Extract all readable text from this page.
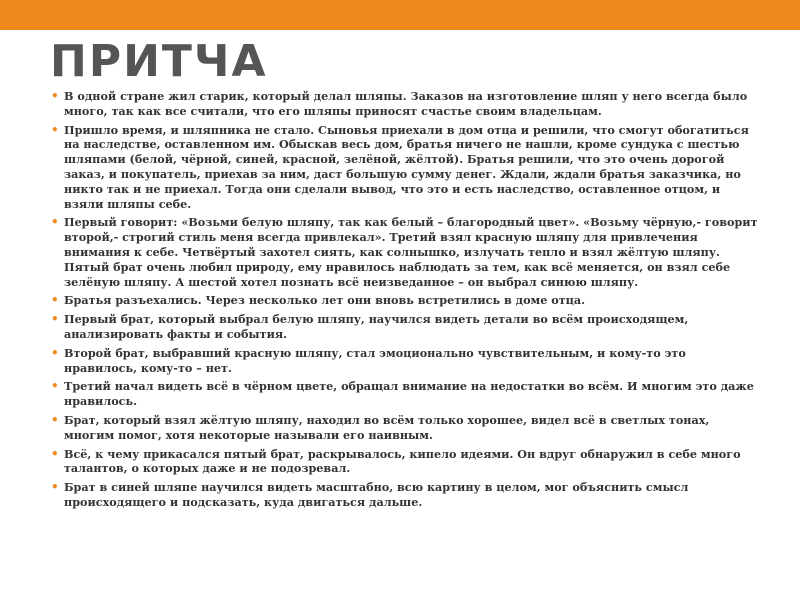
ПРИТЧА
• В одной стране жил старик, который делал шляпы. Заказов на изготовление шляп у него всегда было много, так как все считали, что его шляпы приносят счастье своим владельцам.
• Пришло время, и шляпника не стало. Сыновья приехали в дом отца и решили, что смогут обогатиться на наследстве, оставленном им. Обыскав весь дом, братья ничего не нашли, кроме сундука с шестью шляпами (белой, чёрной, синей, красной, зелёной, жёлтой). Братья решили, что это очень дорогой заказ, и покупатель, приехав за ним, даст большую сумму денег. Ждали, ждали братья заказчика, но никто так и не приехал. Тогда они сделали вывод, что это и есть наследство, оставленное отцом, и взяли шляпы себе.
• Первый говорит: «Возьми белую шляпу, так как белый – благородный цвет». «Возьму чёрную,- говорит второй,- строгий стиль меня всегда привлекал». Третий взял красную шляпу для привлечения внимания к себе. Четвёртый захотел сиять, как солнышко, излучать тепло и взял жёлтую шляпу. Пятый брат очень любил природу, ему нравилось наблюдать за тем, как всё меняется, он взял себе зелёную шляпу. А шестой хотел познать всё неизведанное – он выбрал синюю шляпу.
• Братья разъехались. Через несколько лет они вновь встретились в доме отца.
• Первый брат, который выбрал белую шляпу, научился видеть детали во всём происходящем, анализировать факты и события.
• Второй брат, выбравший красную шляпу, стал эмоционально чувствительным, и кому-то это нравилось, кому-то – нет.
• Третий начал видеть всё в чёрном цвете, обращал внимание на недостатки во всём. И многим это даже нравилось.
• Брат, который взял жёлтую шляпу, находил во всём только хорошее, видел всё в светлых тонах, многим помог, хотя некоторые называли его наивным.
• Всё, к чему прикасался пятый брат, раскрывалось, кипело идеями. Он вдруг обнаружил в себе много талантов, о которых даже и не подозревал.
• Брат в синей шляпе научился видеть масштабно, всю картину в целом, мог объяснить смысл происходящего и подсказать, куда двигаться дальше.
